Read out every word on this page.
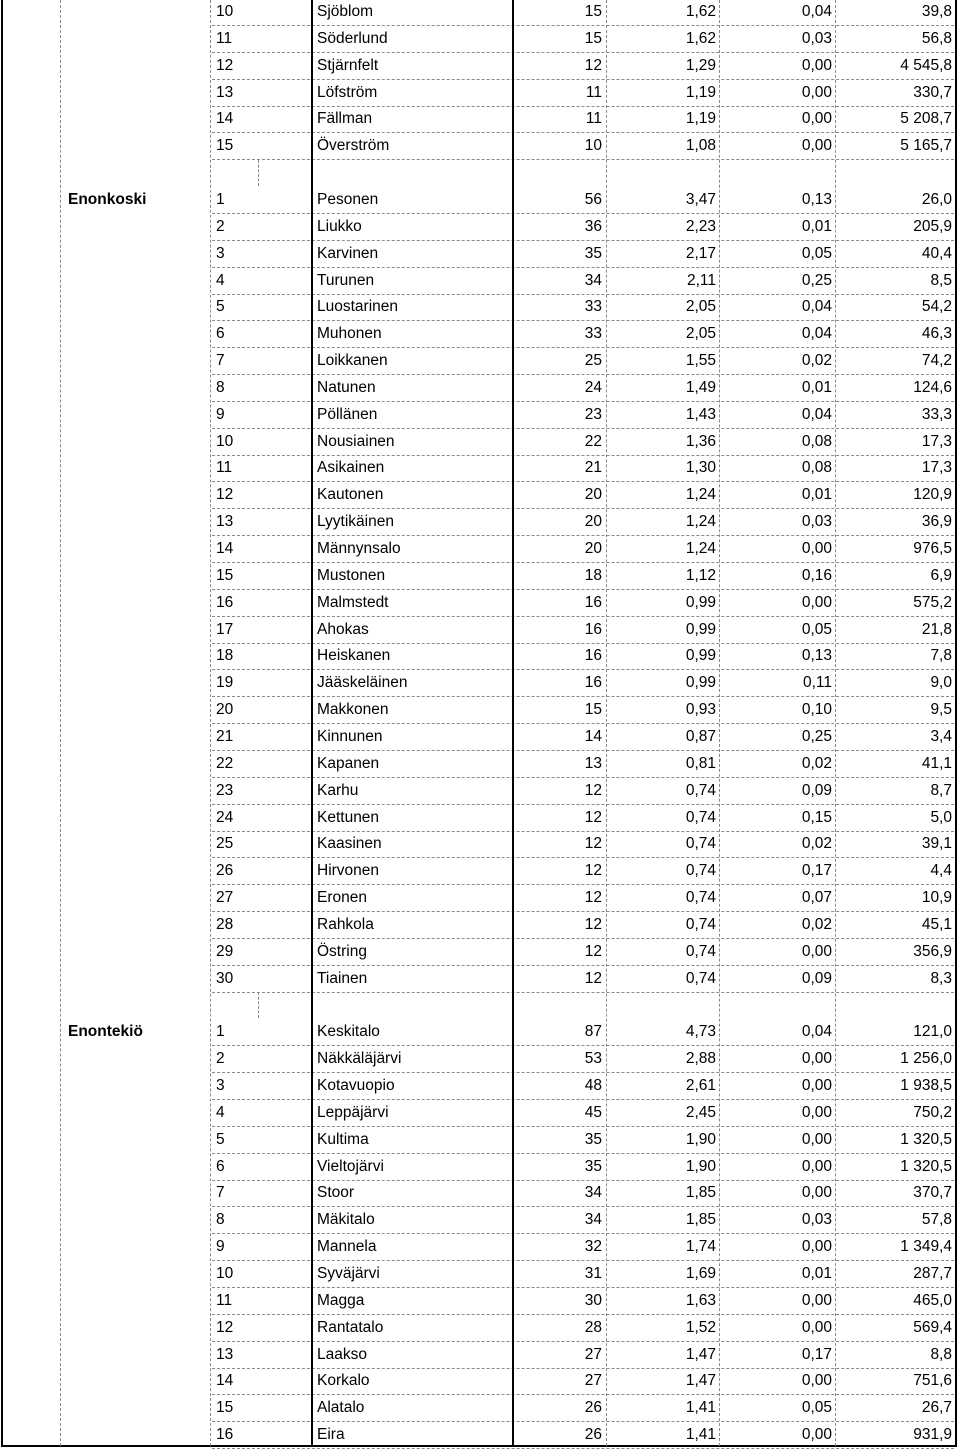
10	Sjöblom	15	1,62	0,04	39,8
11	Söderlund	15	1,62	0,03	56,8
12	Stjärnfelt	12	1,29	0,00	4 545,8
13	Löfström	11	1,19	0,00	330,7
14	Fällman	11	1,19	0,00	5 208,7
15	Överström	10	1,08	0,00	5 165,7
Enonkoski	1	Pesonen	56	3,47	0,13	26,0
2	Liukko	36	2,23	0,01	205,9
3	Karvinen	35	2,17	0,05	40,4
4	Turunen	34	2,11	0,25	8,5
5	Luostarinen	33	2,05	0,04	54,2
6	Muhonen	33	2,05	0,04	46,3
7	Loikkanen	25	1,55	0,02	74,2
8	Natunen	24	1,49	0,01	124,6
9	Pöllänen	23	1,43	0,04	33,3
10	Nousiainen	22	1,36	0,08	17,3
11	Asikainen	21	1,30	0,08	17,3
12	Kautonen	20	1,24	0,01	120,9
13	Lyytikäinen	20	1,24	0,03	36,9
14	Männynsalo	20	1,24	0,00	976,5
15	Mustonen	18	1,12	0,16	6,9
16	Malmstedt	16	0,99	0,00	575,2
17	Ahokas	16	0,99	0,05	21,8
18	Heiskanen	16	0,99	0,13	7,8
19	Jääskeläinen	16	0,99	0,11	9,0
20	Makkonen	15	0,93	0,10	9,5
21	Kinnunen	14	0,87	0,25	3,4
22	Kapanen	13	0,81	0,02	41,1
23	Karhu	12	0,74	0,09	8,7
24	Kettunen	12	0,74	0,15	5,0
25	Kaasinen	12	0,74	0,02	39,1
26	Hirvonen	12	0,74	0,17	4,4
27	Eronen	12	0,74	0,07	10,9
28	Rahkola	12	0,74	0,02	45,1
29	Östring	12	0,74	0,00	356,9
30	Tiainen	12	0,74	0,09	8,3
Enontekiö	1	Keskitalo	87	4,73	0,04	121,0
2	Näkkäläjärvi	53	2,88	0,00	1 256,0
3	Kotavuopio	48	2,61	0,00	1 938,5
4	Leppäjärvi	45	2,45	0,00	750,2
5	Kultima	35	1,90	0,00	1 320,5
6	Vieltojärvi	35	1,90	0,00	1 320,5
7	Stoor	34	1,85	0,00	370,7
8	Mäkitalo	34	1,85	0,03	57,8
9	Mannela	32	1,74	0,00	1 349,4
10	Syväjärvi	31	1,69	0,01	287,7
11	Magga	30	1,63	0,00	465,0
12	Rantatalo	28	1,52	0,00	569,4
13	Laakso	27	1,47	0,17	8,8
14	Korkalo	27	1,47	0,00	751,6
15	Alatalo	26	1,41	0,05	26,7
16	Eira	26	1,41	0,00	931,9
